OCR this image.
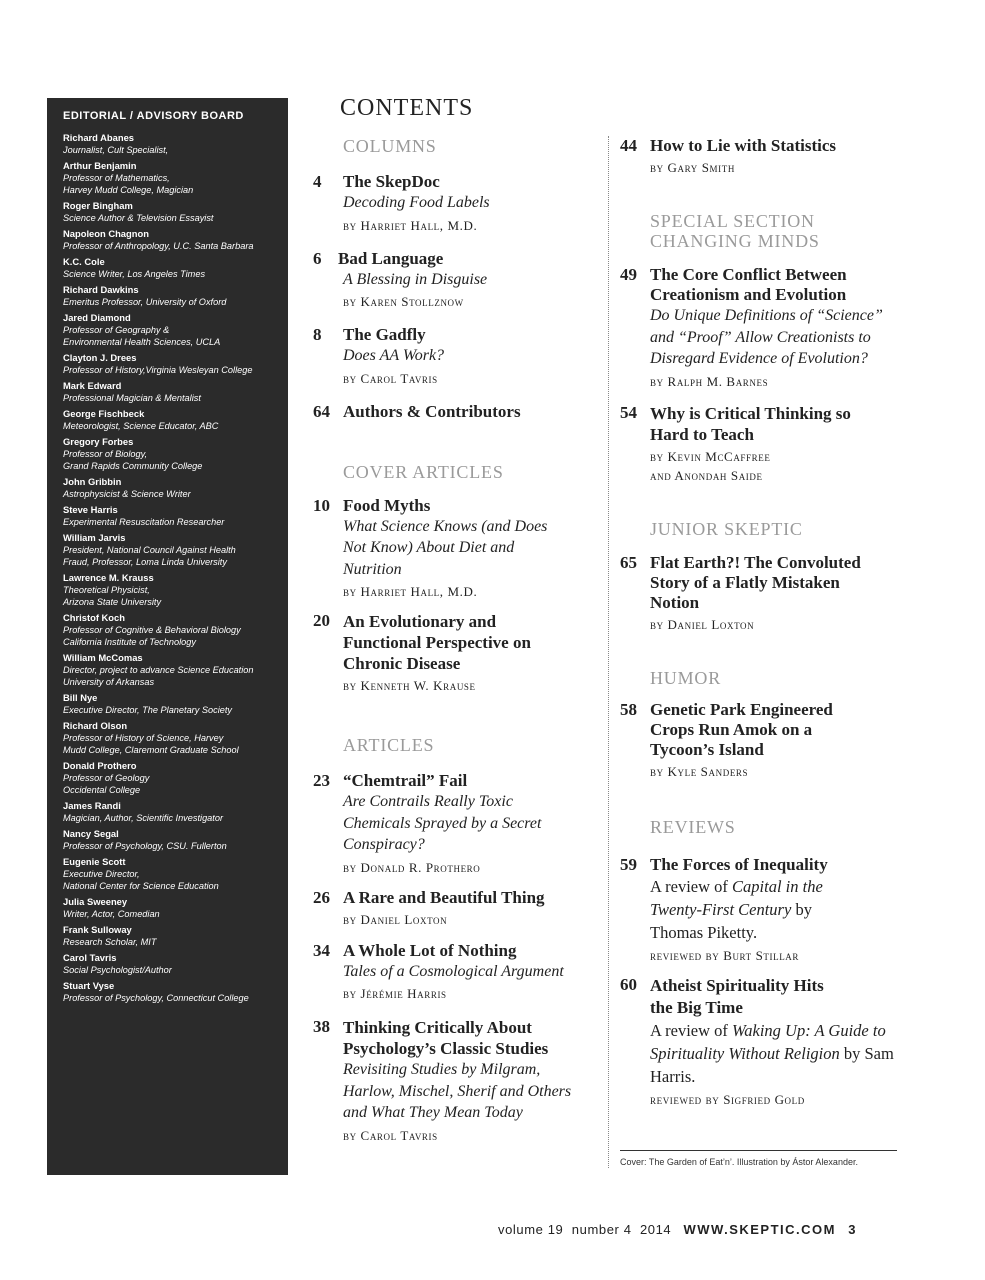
EDITORIAL / ADVISORY BOARD
Richard Abanes
Journalist, Cult Specialist,
Arthur Benjamin
Professor of Mathematics,
Harvey Mudd College, Magician
Roger Bingham
Science Author & Television Essayist
Napoleon Chagnon
Professor of Anthropology, U.C. Santa Barbara
K.C. Cole
Science Writer, Los Angeles Times
Richard Dawkins
Emeritus Professor, University of Oxford
Jared Diamond
Professor of Geography &
Environmental Health Sciences, UCLA
Clayton J. Drees
Professor of History,Virginia Wesleyan College
Mark Edward
Professional Magician & Mentalist
George Fischbeck
Meteorologist, Science Educator, ABC
Gregory Forbes
Professor of Biology,
Grand Rapids Community College
John Gribbin
Astrophysicist & Science Writer
Steve Harris
Experimental Resuscitation Researcher
William Jarvis
President, National Council Against Health
Fraud, Professor, Loma Linda University
Lawrence M. Krauss
Theoretical Physicist,
Arizona State University
Christof Koch
Professor of Cognitive & Behavioral Biology
California Institute of Technology
William McComas
Director, project to advance Science Education
University of Arkansas
Bill Nye
Executive Director, The Planetary Society
Richard Olson
Professor of History of Science, Harvey
Mudd College, Claremont Graduate School
Donald Prothero
Professor of Geology
Occidental College
James Randi
Magician, Author, Scientific Investigator
Nancy Segal
Professor of Psychology, CSU. Fullerton
Eugenie Scott
Executive Director,
National Center for Science Education
Julia Sweeney
Writer, Actor, Comedian
Frank Sulloway
Research Scholar, MIT
Carol Tavris
Social Psychologist/Author
Stuart Vyse
Professor of Psychology, Connecticut College
CONTENTS
COLUMNS
4 The SkepDoc
Decoding Food Labels
by Harriet Hall, M.D.
6 Bad Language
A Blessing in Disguise
by Karen Stollznow
8 The Gadfly
Does AA Work?
by Carol Tavris
64 Authors & Contributors
COVER ARTICLES
10 Food Myths
What Science Knows (and Does Not Know) About Diet and Nutrition
by Harriet Hall, M.D.
20 An Evolutionary and Functional Perspective on Chronic Disease
by Kenneth W. Krause
ARTICLES
23 “Chemtrail” Fail
Are Contrails Really Toxic Chemicals Sprayed by a Secret Conspiracy?
by Donald R. Prothero
26 A Rare and Beautiful Thing
by Daniel Loxton
34 A Whole Lot of Nothing
Tales of a Cosmological Argument
by Jérémie Harris
38 Thinking Critically About Psychology’s Classic Studies
Revisiting Studies by Milgram, Harlow, Mischel, Sherif and Others and What They Mean Today
by Carol Tavris
44 How to Lie with Statistics
by Gary Smith
SPECIAL SECTION
CHANGING MINDS
49 The Core Conflict Between Creationism and Evolution
Do Unique Definitions of “Science” and “Proof” Allow Creationists to Disregard Evidence of Evolution?
by Ralph M. Barnes
54 Why is Critical Thinking so Hard to Teach
by Kevin McCaffree
and Anondah Saide
JUNIOR SKEPTIC
65 Flat Earth?! The Convoluted Story of a Flatly Mistaken Notion
by Daniel Loxton
HUMOR
58 Genetic Park Engineered Crops Run Amok on a Tycoon’s Island
by Kyle Sanders
REVIEWS
59 The Forces of Inequality
A review of Capital in the Twenty-First Century by Thomas Piketty.
reviewed by Burt Stillar
60 Atheist Spirituality Hits the Big Time
A review of Waking Up: A Guide to Spirituality Without Religion by Sam Harris.
reviewed by Sigfried Gold
Cover: The Garden of Eat’n’. Illustration by Ástor Alexander.
volume 19  number 4  2014 WWW.SKEPTIC.COM 3
